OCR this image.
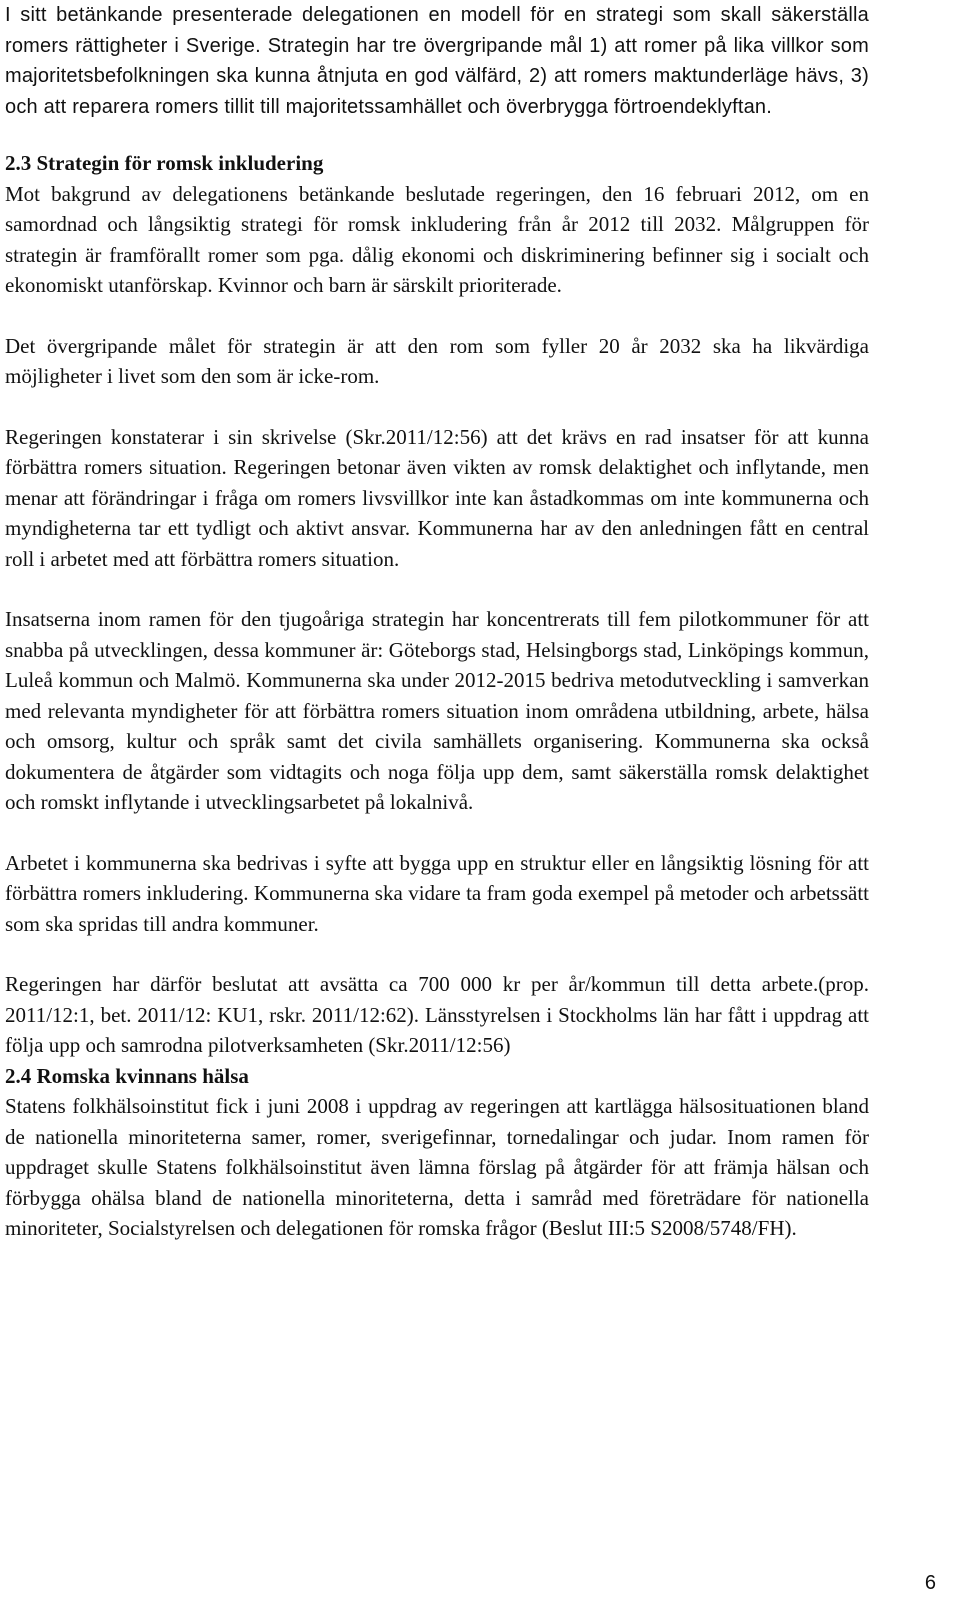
I sitt betänkande presenterade delegationen en modell för en strategi som skall säkerställa romers rättigheter i Sverige. Strategin har tre övergripande mål 1) att romer på lika villkor som majoritetsbefolkningen ska kunna åtnjuta en god välfärd, 2) att romers maktunderläge hävs, 3) och att reparera romers tillit till majoritetssamhället och överbrygga förtroendeklyftan.

2.3 Strategin för romsk inkludering

Mot bakgrund av delegationens betänkande beslutade regeringen, den 16 februari 2012, om en samordnad och långsiktig strategi för romsk inkludering från år 2012 till 2032. Målgruppen för strategin är framförallt romer som pga. dålig ekonomi och diskriminering befinner sig i socialt och ekonomiskt utanförskap. Kvinnor och barn är särskilt prioriterade.

Det övergripande målet för strategin är att den rom som fyller 20 år 2032 ska ha likvärdiga möjligheter i livet som den som är icke-rom.

Regeringen konstaterar i sin skrivelse (Skr.2011/12:56) att det krävs en rad insatser för att kunna förbättra romers situation. Regeringen betonar även vikten av romsk delaktighet och inflytande, men menar att förändringar i fråga om romers livsvillkor inte kan åstadkommas om inte kommunerna och myndigheterna tar ett tydligt och aktivt ansvar. Kommunerna har av den anledningen fått en central roll i arbetet med att förbättra romers situation.

Insatserna inom ramen för den tjugoåriga strategin har koncentrerats till fem pilotkommuner för att snabba på utvecklingen, dessa kommuner är: Göteborgs stad, Helsingborgs stad, Linköpings kommun, Luleå kommun och Malmö. Kommunerna ska under 2012-2015 bedriva metodutveckling i samverkan med relevanta myndigheter för att förbättra romers situation inom områdena utbildning, arbete, hälsa och omsorg, kultur och språk samt det civila samhällets organisering. Kommunerna ska också dokumentera de åtgärder som vidtagits och noga följa upp dem, samt säkerställa romsk delaktighet och romskt inflytande i utvecklingsarbetet på lokalnivå.

Arbetet i kommunerna ska bedrivas i syfte att bygga upp en struktur eller en långsiktig lösning för att förbättra romers inkludering. Kommunerna ska vidare ta fram goda exempel på metoder och arbetssätt som ska spridas till andra kommuner.

Regeringen har därför beslutat att avsätta ca 700 000 kr per år/kommun till detta arbete.(prop. 2011/12:1, bet. 2011/12: KU1, rskr. 2011/12:62). Länsstyrelsen i Stockholms län har fått i uppdrag att följa upp och samrodna pilotverksamheten (Skr.2011/12:56)

2.4 Romska kvinnans hälsa

Statens folkhälsoinstitut fick i juni 2008 i uppdrag av regeringen att kartlägga hälsosituationen bland de nationella minoriteterna samer, romer, sverigefinnar, tornedalingar och judar. Inom ramen för uppdraget skulle Statens folkhälsoinstitut även lämna förslag på åtgärder för att främja hälsan och förbygga ohälsa bland de nationella minoriteterna, detta i samråd med företrädare för nationella minoriteter, Socialstyrelsen och delegationen för romska frågor (Beslut III:5 S2008/5748/FH).

6
